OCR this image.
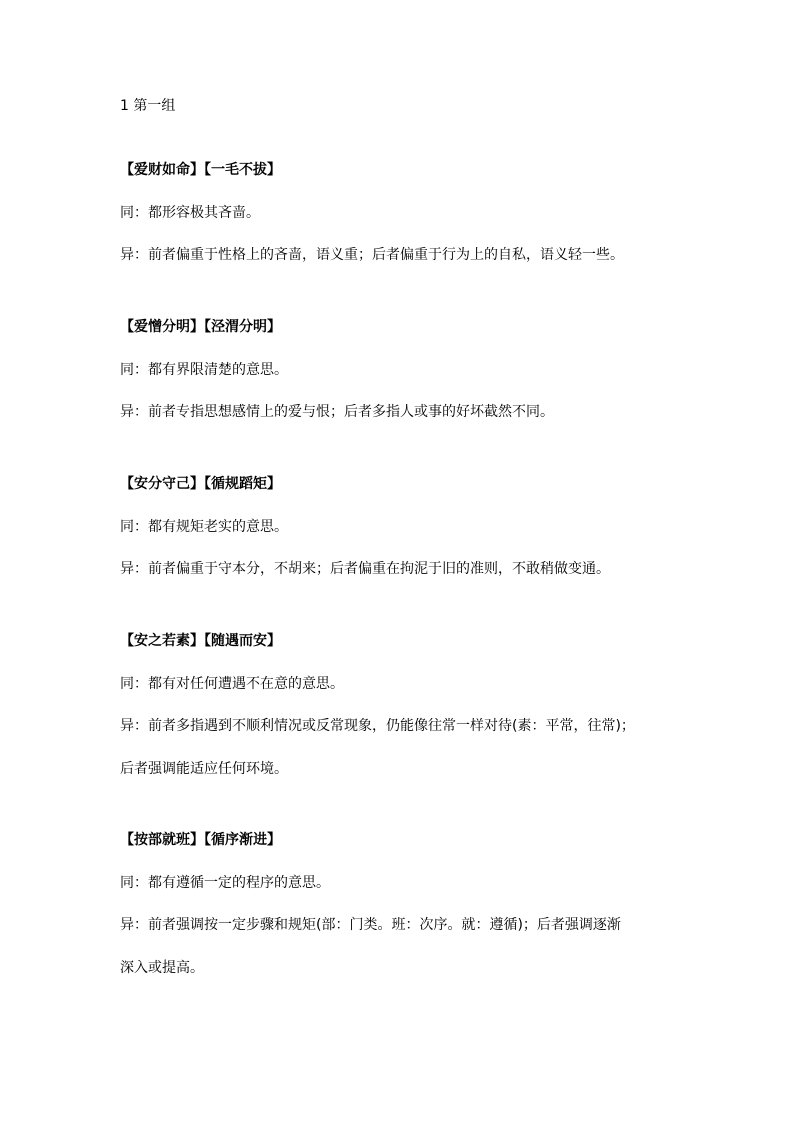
1 第一组
【爱财如命】【一毛不拔】
同：都形容极其吝啬。
异：前者偏重于性格上的吝啬，语义重；后者偏重于行为上的自私，语义轻一些。
【爱憎分明】【泾渭分明】
同：都有界限清楚的意思。
异：前者专指思想感情上的爱与恨；后者多指人或事的好坏截然不同。
【安分守己】【循规蹈矩】
同：都有规矩老实的意思。
异：前者偏重于守本分，不胡来；后者偏重在拘泥于旧的准则，不敢稍做变通。
【安之若素】【随遇而安】
同：都有对任何遭遇不在意的意思。
异：前者多指遇到不顺利情况或反常现象，仍能像往常一样对待(素：平常，往常)；
后者强调能适应任何环境。
【按部就班】【循序渐进】
同：都有遵循一定的程序的意思。
异：前者强调按一定步骤和规矩(部：门类。班：次序。就：遵循)；后者强调逐渐
深入或提高。
